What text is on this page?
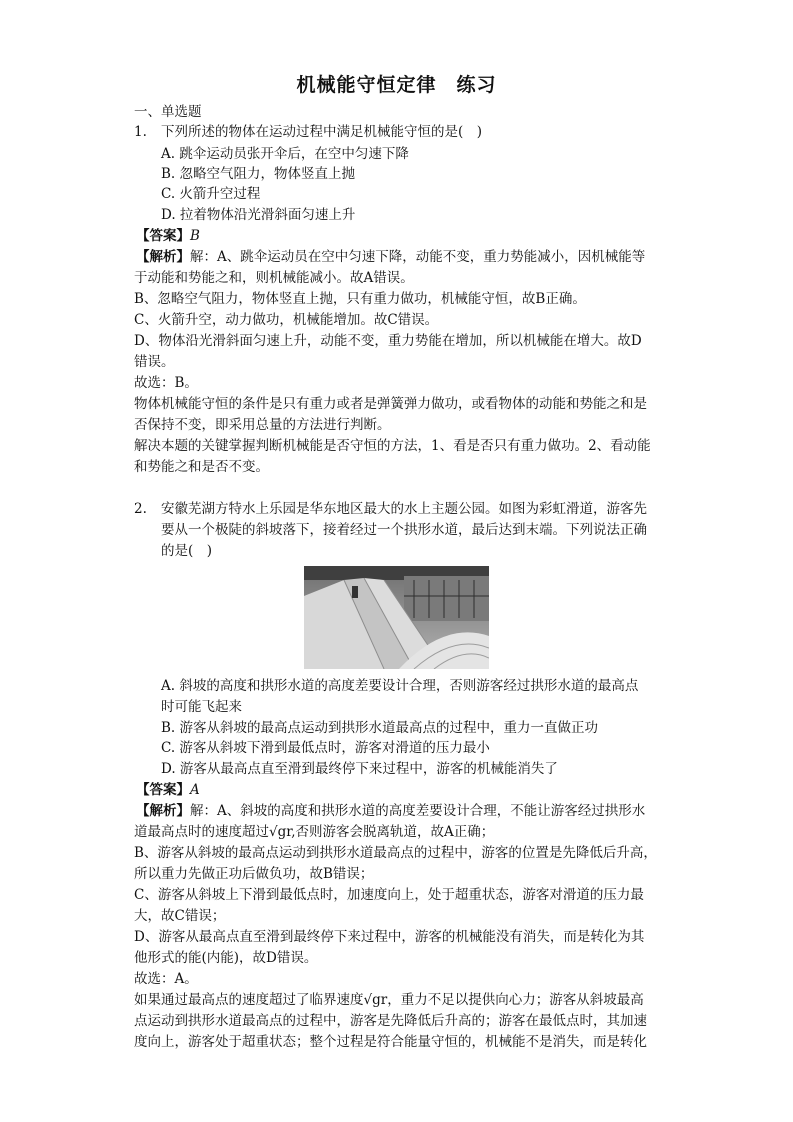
机械能守恒定律　练习
一、单选题
1. 下列所述的物体在运动过程中满足机械能守恒的是(　)
A. 跳伞运动员张开伞后，在空中匀速下降
B. 忽略空气阻力，物体竖直上抛
C. 火箭升空过程
D. 拉着物体沿光滑斜面匀速上升
【答案】B
【解析】解：A、跳伞运动员在空中匀速下降，动能不变，重力势能减小，因机械能等
于动能和势能之和，则机械能减小。故A错误。
B、忽略空气阻力，物体竖直上抛，只有重力做功，机械能守恒，故B正确。
C、火箭升空，动力做功，机械能增加。故C错误。
D、物体沿光滑斜面匀速上升，动能不变，重力势能在增加，所以机械能在增大。故D
错误。
故选：B。
物体机械能守恒的条件是只有重力或者是弹簧弹力做功，或看物体的动能和势能之和是
否保持不变，即采用总量的方法进行判断。
解决本题的关键掌握判断机械能是否守恒的方法，1、看是否只有重力做功。2、看动能
和势能之和是否不变。
2. 安徽芜湖方特水上乐园是华东地区最大的水上主题公园。如图为彩虹滑道，游客先
要从一个极陡的斜坡落下，接着经过一个拱形水道，最后达到末端。下列说法正确
的是(　)
A. 斜坡的高度和拱形水道的高度差要设计合理，否则游客经过拱形水道的最高点
时可能飞起来
B. 游客从斜坡的最高点运动到拱形水道最高点的过程中，重力一直做正功
C. 游客从斜坡下滑到最低点时，游客对滑道的压力最小
D. 游客从最高点直至滑到最终停下来过程中，游客的机械能消失了
【答案】A
【解析】解：A、斜坡的高度和拱形水道的高度差要设计合理，不能让游客经过拱形水
道最高点时的速度超过√gr,否则游客会脱离轨道，故A正确；
B、游客从斜坡的最高点运动到拱形水道最高点的过程中，游客的位置是先降低后升高，
所以重力先做正功后做负功，故B错误；
C、游客从斜坡上下滑到最低点时，加速度向上，处于超重状态，游客对滑道的压力最
大，故C错误；
D、游客从最高点直至滑到最终停下来过程中，游客的机械能没有消失，而是转化为其
他形式的能(内能)，故D错误。
故选：A。
如果通过最高点的速度超过了临界速度√gr，重力不足以提供向心力；游客从斜坡最高
点运动到拱形水道最高点的过程中，游客是先降低后升高的；游客在最低点时，其加速
度向上，游客处于超重状态；整个过程是符合能量守恒的，机械能不是消失，而是转化
